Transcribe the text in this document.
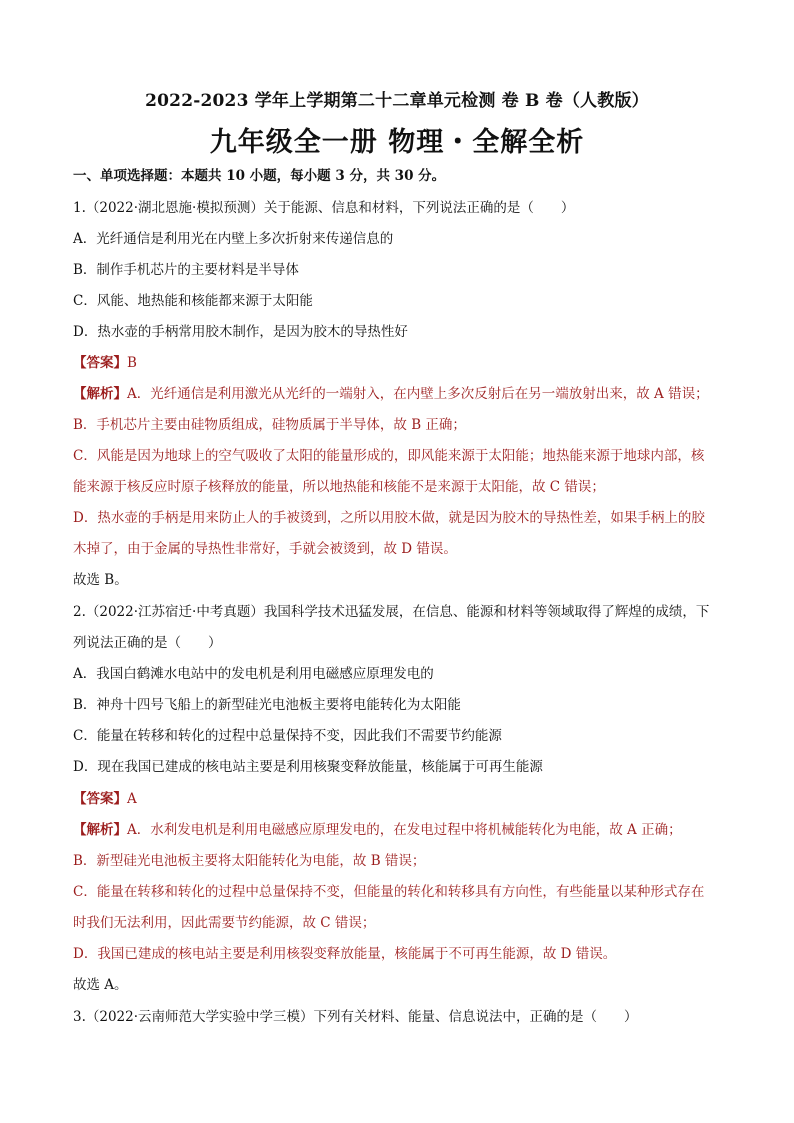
2022-2023 学年上学期第二十二章单元检测 卷 B 卷（人教版）
九年级全一册 物理・全解全析
一、单项选择题：本题共 10 小题，每小题 3 分，共 30 分。
1.（2022·湖北恩施·模拟预测）关于能源、信息和材料，下列说法正确的是（　　）
A．光纤通信是利用光在内壁上多次折射来传递信息的
B．制作手机芯片的主要材料是半导体
C．风能、地热能和核能都来源于太阳能
D．热水壶的手柄常用胶木制作，是因为胶木的导热性好
【答案】B
【解析】A．光纤通信是利用激光从光纤的一端射入，在内壁上多次反射后在另一端放射出来，故 A 错误；
B．手机芯片主要由硅物质组成，硅物质属于半导体，故 B 正确；
C．风能是因为地球上的空气吸收了太阳的能量形成的，即风能来源于太阳能；地热能来源于地球内部，核
能来源于核反应时原子核释放的能量，所以地热能和核能不是来源于太阳能，故 C 错误；
D．热水壶的手柄是用来防止人的手被烫到，之所以用胶木做，就是因为胶木的导热性差，如果手柄上的胶
木掉了，由于金属的导热性非常好，手就会被烫到，故 D 错误。
故选 B。
2.（2022·江苏宿迁·中考真题）我国科学技术迅猛发展，在信息、能源和材料等领域取得了辉煌的成绩，下
列说法正确的是（　　）
A．我国白鹤滩水电站中的发电机是利用电磁感应原理发电的
B．神舟十四号飞船上的新型硅光电池板主要将电能转化为太阳能
C．能量在转移和转化的过程中总量保持不变，因此我们不需要节约能源
D．现在我国已建成的核电站主要是利用核聚变释放能量，核能属于可再生能源
【答案】A
【解析】A．水利发电机是利用电磁感应原理发电的，在发电过程中将机械能转化为电能，故 A 正确；
B．新型硅光电池板主要将太阳能转化为电能，故 B 错误；
C．能量在转移和转化的过程中总量保持不变，但能量的转化和转移具有方向性，有些能量以某种形式存在
时我们无法利用，因此需要节约能源，故 C 错误；
D．我国已建成的核电站主要是利用核裂变释放能量，核能属于不可再生能源，故 D 错误。
故选 A。
3.（2022·云南师范大学实验中学三模）下列有关材料、能量、信息说法中，正确的是（　　）
